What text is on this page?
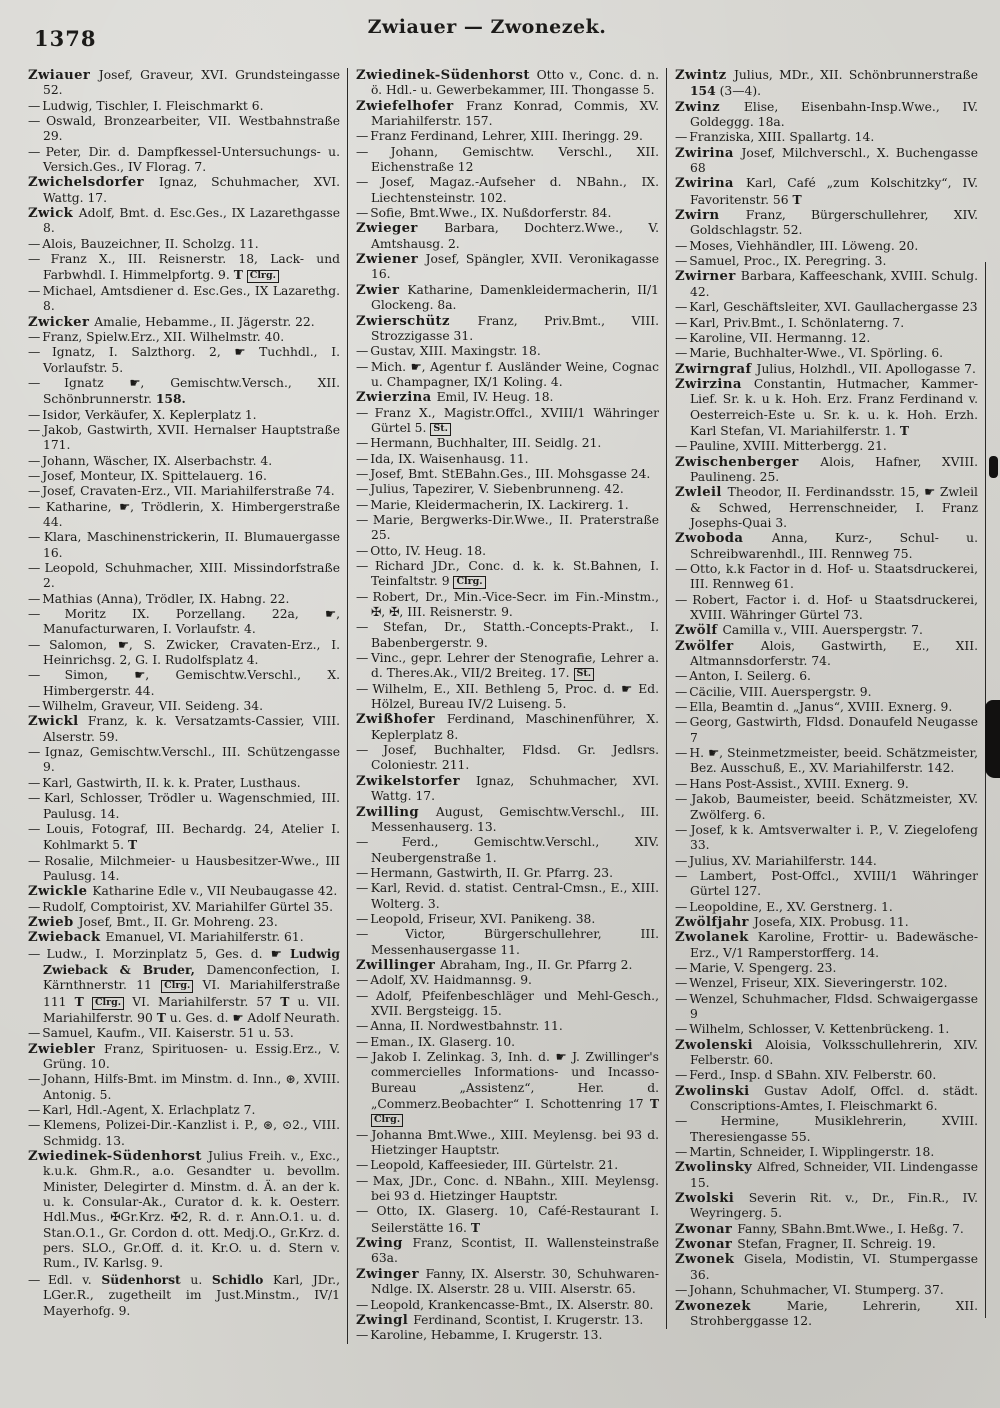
1378	Zwiauer — Zwonezek.

Zwiauer Josef, Graveur, XVI. Grundsteingasse 52.

— Ludwig, Tischler, I. Fleischmarkt 6.

— Oswald, Bronzearbeiter, VII. Westbahnstraße 29.

— Peter, Dir. d. Dampfkessel-Untersuchungs- u. Versich.Ges., IV Florag. 7.

Zwichelsdorfer Ignaz, Schuhmacher, XVI. Wattg. 17.

Zwick Adolf, Bmt. d. Esc.Ges., IX Lazarethgasse 8.

— Alois, Bauzeichner, II. Scholzg. 11.

— Franz X., III. Reisnerstr. 18, Lack- und Farbwhdl. I. Himmelpfortg. 9. T Clrg.

— Michael, Amtsdiener d. Esc.Ges., IX Lazarethg. 8.

Zwicker Amalie, Hebamme., II. Jägerstr. 22.

— Franz, Spielw.Erz., XII. Wilhelmstr. 40.

— Ignatz, I. Salzthorg. 2, ☛ Tuchhdl., I. Vorlaufstr. 5.

— Ignatz ☛, Gemischtw.Versch., XII. Schönbrunnerstr. 158.

— Isidor, Verkäufer, X. Keplerplatz 1.

— Jakob, Gastwirth, XVII. Hernalser Hauptstraße 171.

— Johann, Wäscher, IX. Alserbachstr. 4.

— Josef, Monteur, IX. Spittelauerg. 16.

— Josef, Cravaten-Erz., VII. Mariahilferstraße 74.

— Katharine, ☛, Trödlerin, X. Himbergerstraße 44.

— Klara, Maschinenstrickerin, II. Blumauergasse 16.

— Leopold, Schuhmacher, XIII. Missindorfstraße 2.

— Mathias (Anna), Trödler, IX. Habng. 22.

— Moritz IX. Porzellang. 22a, ☛, Manufacturwaren, I. Vorlaufstr. 4.

— Salomon, ☛, S. Zwicker, Cravaten-Erz., I. Heinrichsg. 2, G. I. Rudolfsplatz 4.

— Simon, ☛, Gemischtw.Verschl., X. Himbergerstr. 44.

— Wilhelm, Graveur, VII. Seideng. 34.

Zwickl Franz, k. k. Versatzamts-Cassier, VIII. Alserstr. 59.

— Ignaz, Gemischtw.Verschl., III. Schützengasse 9.

— Karl, Gastwirth, II. k. k. Prater, Lusthaus.

— Karl, Schlosser, Trödler u. Wagenschmied, III. Paulusg. 14.

— Louis, Fotograf, III. Bechardg. 24, Atelier I. Kohlmarkt 5. T

— Rosalie, Milchmeier- u Hausbesitzer-Wwe., III Paulusg. 14.

Zwickle Katharine Edle v., VII Neubaugasse 42.

— Rudolf, Comptoirist, XV. Mariahilfer Gürtel 35.

Zwieb Josef, Bmt., II. Gr. Mohreng. 23.

Zwieback Emanuel, VI. Mariahilferstr. 61.

— Ludw., I. Morzinplatz 5, Ges. d. ☛ Ludwig Zwieback & Bruder, Damenconfection, I. Kärnthnerstr. 11 Clrg. VI. Mariahilferstraße 111 T Clrg. VI. Mariahilferstr. 57 T u. VII. Mariahilferstr. 90 T u. Ges. d. ☛ Adolf Neurath.

— Samuel, Kaufm., VII. Kaiserstr. 51 u. 53.

Zwiebler Franz, Spirituosen- u. Essig.Erz., V. Grüng. 10.

— Johann, Hilfs-Bmt. im Minstm. d. Inn., ⊛, XVIII. Antonig. 5.

— Karl, Hdl.-Agent, X. Erlachplatz 7.

— Klemens, Polizei-Dir.-Kanzlist i. P., ⊛, ⊙2., VIII. Schmidg. 13.

Zwiedinek-Südenhorst Julius Freih. v., Exc., k.u.k. Ghm.R., a.o. Gesandter u. bevollm. Minister, Delegirter d. Minstm. d. Ä. an der k. u. k. Consular-Ak., Curator d. k. k. Oesterr. Hdl.Mus., ✠Gr.Krz. ✠2, R. d. r. Ann.O.1. u. d. Stan.O.1., Gr. Cordon d. ott. Medj.O., Gr.Krz. d. pers. SLO., Gr.Off. d. it. Kr.O. u. d. Stern v. Rum., IV. Karlsg. 9.

— Edl. v. Südenhorst u. Schidlo Karl, JDr., LGer.R., zugetheilt im Just.Minstm., IV/1 Mayerhofg. 9.

Zwiedinek-Südenhorst Otto v., Conc. d. n. ö. Hdl.- u. Gewerbekammer, III. Thongasse 5.

Zwiefelhofer Franz Konrad, Commis, XV. Mariahilferstr. 157.

— Franz Ferdinand, Lehrer, XIII. Iheringg. 29.

— Johann, Gemischtw. Verschl., XII. Eichenstraße 12

— Josef, Magaz.-Aufseher d. NBahn., IX. Liechtensteinstr. 102.

— Sofie, Bmt.Wwe., IX. Nußdorferstr. 84.

Zwieger Barbara, Dochterz.Wwe., V. Amtshausg. 2.

Zwiener Josef, Spängler, XVII. Veronikagasse 16.

Zwier Katharine, Damenkleidermacherin, II/1 Glockeng. 8a.

Zwierschütz Franz, Priv.Bmt., VIII. Strozzigasse 31.

— Gustav, XIII. Maxingstr. 18.

— Mich. ☛, Agentur f. Ausländer Weine, Cognac u. Champagner, IX/1 Koling. 4.

Zwierzina Emil, IV. Heug. 18.

— Franz X., Magistr.Offcl., XVIII/1 Währinger Gürtel 5. St.

— Hermann, Buchhalter, III. Seidlg. 21.

— Ida, IX. Waisenhausg. 11.

— Josef, Bmt. StEBahn.Ges., III. Mohsgasse 24.

— Julius, Tapezirer, V. Siebenbrunneng. 42.

— Marie, Kleidermacherin, IX. Lackirerg. 1.

— Marie, Bergwerks-Dir.Wwe., II. Praterstraße 25.

— Otto, IV. Heug. 18.

— Richard JDr., Conc. d. k. k. St.Bahnen, I. Teinfaltstr. 9 Clrg.

— Robert, Dr., Min.-Vice-Secr. im Fin.-Minstm., ✠, ✠, III. Reisnerstr. 9.

— Stefan, Dr., Statth.-Concepts-Prakt., I. Babenbergerstr. 9.

— Vinc., gepr. Lehrer der Stenografie, Lehrer a. d. Theres.Ak., VII/2 Breiteg. 17. St.

— Wilhelm, E., XII. Bethleng 5, Proc. d. ☛ Ed. Hölzel, Bureau IV/2 Luiseng. 5.

Zwißhofer Ferdinand, Maschinenführer, X. Keplerplatz 8.

— Josef, Buchhalter, Fldsd. Gr. Jedlsrs. Coloniestr. 211.

Zwikelstorfer Ignaz, Schuhmacher, XVI. Wattg. 17.

Zwilling August, Gemischtw.Verschl., III. Messenhauserg. 13.

— Ferd., Gemischtw.Verschl., XIV. Neubergenstraße 1.

— Hermann, Gastwirth, II. Gr. Pfarrg. 23.

— Karl, Revid. d. statist. Central-Cmsn., E., XIII. Wolterg. 3.

— Leopold, Friseur, XVI. Panikeng. 38.

— Victor, Bürgerschullehrer, III. Messenhausergasse 11.

Zwillinger Abraham, Ing., II. Gr. Pfarrg 2.

— Adolf, XV. Haidmannsg. 9.

— Adolf, Pfeifenbeschläger und Mehl-Gesch., XVII. Bergsteigg. 15.

— Anna, II. Nordwestbahnstr. 11.

— Eman., IX. Glaserg. 10.

— Jakob I. Zelinkag. 3, Inh. d. ☛ J. Zwillinger's commercielles Informations- und Incasso-Bureau „Assistenz“, Her. d. „Commerz.Beobachter“ I. Schottenring 17 T Clrg.

— Johanna Bmt.Wwe., XIII. Meylensg. bei 93 d. Hietzinger Hauptstr.

— Leopold, Kaffeesieder, III. Gürtelstr. 21.

— Max, JDr., Conc. d. NBahn., XIII. Meylensg. bei 93 d. Hietzinger Hauptstr.

— Otto, IX. Glaserg. 10, Café-Restaurant I. Seilerstätte 16. T

Zwing Franz, Scontist, II. Wallensteinstraße 63a.

Zwinger Fanny, IX. Alserstr. 30, Schuhwaren-Ndlge. IX. Alserstr. 28 u. VIII. Alserstr. 65.

— Leopold, Krankencasse-Bmt., IX. Alserstr. 80.

Zwingl Ferdinand, Scontist, I. Krugerstr. 13.

— Karoline, Hebamme, I. Krugerstr. 13.

Zwintz Julius, MDr., XII. Schönbrunnerstraße 154 (3—4).

Zwinz Elise, Eisenbahn-Insp.Wwe., IV. Goldeggg. 18a.

— Franziska, XIII. Spallartg. 14.

Zwirina Josef, Milchverschl., X. Buchengasse 68

Zwirina Karl, Café „zum Kolschitzky“, IV. Favoritenstr. 56 T

Zwirn Franz, Bürgerschullehrer, XIV. Goldschlagstr. 52.

— Moses, Viehhändler, III. Löweng. 20.

— Samuel, Proc., IX. Peregring. 3.

Zwirner Barbara, Kaffeeschank, XVIII. Schulg. 42.

— Karl, Geschäftsleiter, XVI. Gaullachergasse 23

— Karl, Priv.Bmt., I. Schönlaterng. 7.

— Karoline, VII. Hermanng. 12.

— Marie, Buchhalter-Wwe., VI. Spörling. 6.

Zwirngraf Julius, Holzhdl., VII. Apollogasse 7.

Zwirzina Constantin, Hutmacher, Kammer-Lief. Sr. k. u k. Hoh. Erz. Franz Ferdinand v. Oesterreich-Este u. Sr. k. u. k. Hoh. Erzh. Karl Stefan, VI. Mariahilferstr. 1. T

— Pauline, XVIII. Mitterbergg. 21.

Zwischenberger Alois, Hafner, XVIII. Paulineng. 25.

Zwleil Theodor, II. Ferdinandsstr. 15, ☛ Zwleil & Schwed, Herrenschneider, I. Franz Josephs-Quai 3.

Zwoboda Anna, Kurz-, Schul- u. Schreibwarenhdl., III. Rennweg 75.

— Otto, k.k Factor in d. Hof- u. Staatsdruckerei, III. Rennweg 61.

— Robert, Factor i. d. Hof- u Staatsdruckerei, XVIII. Währinger Gürtel 73.

Zwölf Camilla v., VIII. Auerspergstr. 7.

Zwölfer Alois, Gastwirth, E., XII. Altmannsdorferstr. 74.

— Anton, I. Seilerg. 6.

— Cäcilie, VIII. Auerspergstr. 9.

— Ella, Beamtin d. „Janus“, XVIII. Exnerg. 9.

— Georg, Gastwirth, Fldsd. Donaufeld Neugasse 7

— H. ☛, Steinmetzmeister, beeid. Schätzmeister, Bez. Ausschuß, E., XV. Mariahilferstr. 142.

— Hans Post-Assist., XVIII. Exnerg. 9.

— Jakob, Baumeister, beeid. Schätzmeister, XV. Zwölferg. 6.

— Josef, k k. Amtsverwalter i. P., V. Ziegelofeng 33.

— Julius, XV. Mariahilferstr. 144.

— Lambert, Post-Offcl., XVIII/1 Währinger Gürtel 127.

— Leopoldine, E., XV. Gerstnerg. 1.

Zwölfjahr Josefa, XIX. Probusg. 11.

Zwolanek Karoline, Frottir- u. Badewäsche-Erz., V/1 Ramperstorfferg. 14.

— Marie, V. Spengerg. 23.

— Wenzel, Friseur, XIX. Sieveringerstr. 102.

— Wenzel, Schuhmacher, Fldsd. Schwaigergasse 9

— Wilhelm, Schlosser, V. Kettenbrückeng. 1.

Zwolenski Aloisia, Volksschullehrerin, XIV. Felberstr. 60.

— Ferd., Insp. d SBahn. XIV. Felberstr. 60.

Zwolinski Gustav Adolf, Offcl. d. städt. Conscriptions-Amtes, I. Fleischmarkt 6.

— Hermine, Musiklehrerin, XVIII. Theresiengasse 55.

— Martin, Schneider, I. Wipplingerstr. 18.

Zwolinsky Alfred, Schneider, VII. Lindengasse 15.

Zwolski Severin Rit. v., Dr., Fin.R., IV. Weyringerg. 5.

Zwonar Fanny, SBahn.Bmt.Wwe., I. Heßg. 7.

Zwonar Stefan, Fragner, II. Schreig. 19.

Zwonek Gisela, Modistin, VI. Stumpergasse 36.

— Johann, Schuhmacher, VI. Stumperg. 37.

Zwonezek Marie, Lehrerin, XII. Strohberggasse 12.
